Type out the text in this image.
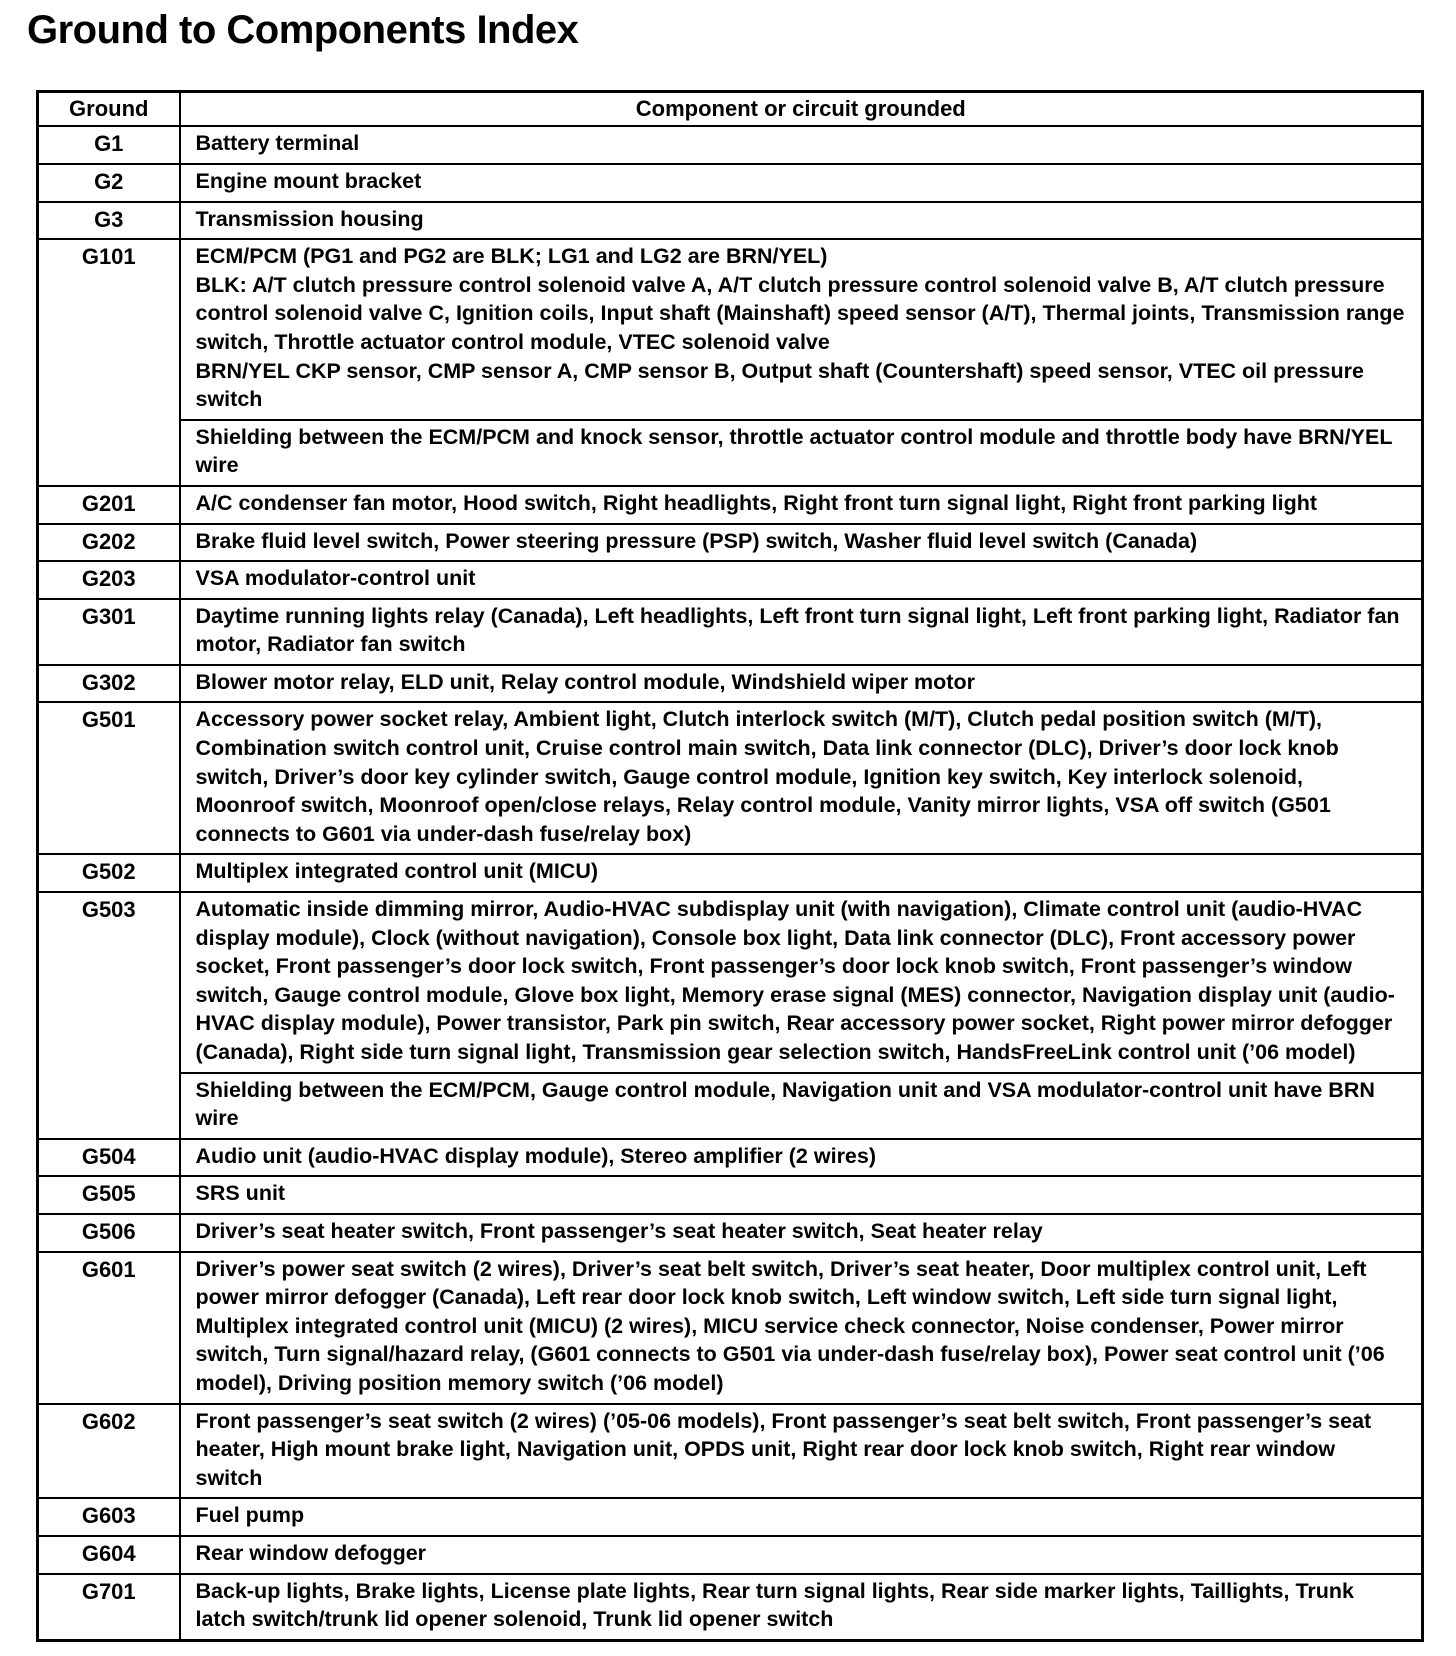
Ground to Components Index
Ground	Component or circuit grounded
G1	Battery terminal

G2	Engine mount bracket

G3	Transmission housing

G101	ECM/PCM (PG1 and PG2 are BLK; LG1 and LG2 are BRN/YEL)
BLK: A/T clutch pressure control solenoid valve A, A/T clutch pressure control solenoid valve B, A/T clutch pressure control solenoid valve C, Ignition coils, Input shaft (Mainshaft) speed sensor (A/T), Thermal joints, Transmission range switch, Throttle actuator control module, VTEC solenoid valve
BRN/YEL CKP sensor, CMP sensor A, CMP sensor B, Output shaft (Countershaft) speed sensor, VTEC oil pressure switch

	Shielding between the ECM/PCM and knock sensor, throttle actuator control module and throttle body have BRN/YEL wire

G201	A/C condenser fan motor, Hood switch, Right headlights, Right front turn signal light, Right front parking light

G202	Brake fluid level switch, Power steering pressure (PSP) switch, Washer fluid level switch (Canada)

G203	VSA modulator-control unit

G301	Daytime running lights relay (Canada), Left headlights, Left front turn signal light, Left front parking light, Radiator fan motor, Radiator fan switch

G302	Blower motor relay, ELD unit, Relay control module, Windshield wiper motor

G501	Accessory power socket relay, Ambient light, Clutch interlock switch (M/T), Clutch pedal position switch (M/T), Combination switch control unit, Cruise control main switch, Data link connector (DLC), Driver’s door lock knob switch, Driver’s door key cylinder switch, Gauge control module, Ignition key switch, Key interlock solenoid, Moonroof switch, Moonroof open/close relays, Relay control module, Vanity mirror lights, VSA off switch (G501 connects to G601 via under-dash fuse/relay box)

G502	Multiplex integrated control unit (MICU)

G503	Automatic inside dimming mirror, Audio-HVAC subdisplay unit (with navigation), Climate control unit (audio-HVAC display module), Clock (without navigation), Console box light, Data link connector (DLC), Front accessory power socket, Front passenger’s door lock switch, Front passenger’s door lock knob switch, Front passenger’s window switch, Gauge control module, Glove box light, Memory erase signal (MES) connector, Navigation display unit (audio-HVAC display module), Power transistor, Park pin switch, Rear accessory power socket, Right power mirror defogger (Canada), Right side turn signal light, Transmission gear selection switch, HandsFreeLink control unit (’06 model)

	Shielding between the ECM/PCM, Gauge control module, Navigation unit and VSA modulator-control unit have BRN wire

G504	Audio unit (audio-HVAC display module), Stereo amplifier (2 wires)

G505	SRS unit

G506	Driver’s seat heater switch, Front passenger’s seat heater switch, Seat heater relay

G601	Driver’s power seat switch (2 wires), Driver’s seat belt switch, Driver’s seat heater, Door multiplex control unit, Left power mirror defogger (Canada), Left rear door lock knob switch, Left window switch, Left side turn signal light, Multiplex integrated control unit (MICU) (2 wires), MICU service check connector, Noise condenser, Power mirror switch, Turn signal/hazard relay, (G601 connects to G501 via under-dash fuse/relay box), Power seat control unit (’06 model), Driving position memory switch (’06 model)

G602	Front passenger’s seat switch (2 wires) (’05-06 models), Front passenger’s seat belt switch, Front passenger’s seat heater, High mount brake light, Navigation unit, OPDS unit, Right rear door lock knob switch, Right rear window switch

G603	Fuel pump

G604	Rear window defogger

G701	Back-up lights, Brake lights, License plate lights, Rear turn signal lights, Rear side marker lights, Taillights, Trunk latch switch/trunk lid opener solenoid, Trunk lid opener switch
